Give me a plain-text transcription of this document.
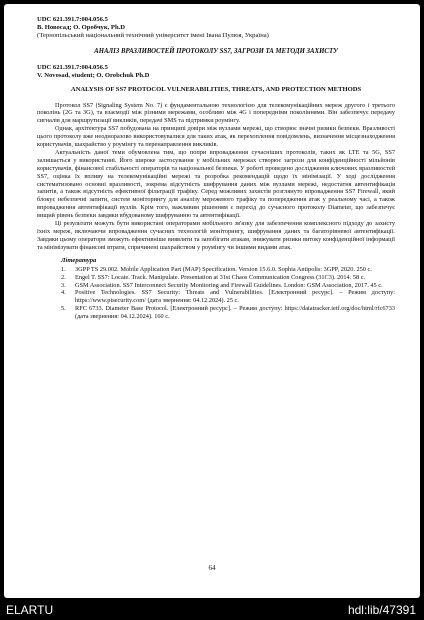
UDC 621.391.7:004.056.5
В. Новосад; О. Оробчук, Ph.D
(Тернопільський національний технічний університет імені Івана Пулюя, Україна)
АНАЛІЗ ВРАЗЛИВОСТЕЙ ПРОТОКОЛУ SS7, ЗАГРОЗИ ТА МЕТОДИ ЗАХИСТУ
UDC 621.391.7:004.056.5
V. Novosad, student; O. Orobchuk Ph.D
ANALYSIS OF SS7 PROTOCOL VULNERABILITIES, THREATS, AND PROTECTION METHODS

Протокол SS7 (Signaling System No. 7) є фундаментальною технологією для телекомунікаційних мереж другого і третього поколінь (2G та 3G), та взаємодії між різними мережами, особливо між 4G і попередніми поколіннями. Він забезпечує передачу сигналів для маршрутизації викликів, передачі SMS та підтримки роумінгу.

Однак, архітектура SS7 побудована на принципі довіри між вузлами мережі, що створює значні ризики безпеки. Вразливості цього протоколу вже неодноразово використовувалися для таких атак, як перехоплення повідомлень, визначення місцезнаходження користувачів, шахрайство у роумінгу та перенаправлення викликів.

Актуальність даної теми обумовлена тим, що попри впровадження сучасніших протоколів, таких як LTE та 5G, SS7 залишається у використанні. Його широке застосування у мобільних мережах створює загрози для конфіденційності мільйонів користувачів, фінансової стабільності операторів та національної безпеки. У роботі проведено дослідження ключових вразливостей SS7, оцінка їх впливу на телекомунікаційні мережі та розробка рекомендацій щодо їх мінімізації. У ході дослідження систематизовано основні вразливості, зокрема відсутність шифрування даних між вузлами мережі, недостатня автентифікація запитів, а також відсутність ефективної фільтрації трафіку. Серед можливих захистів розглянуто впровадження SS7 Firewall, який блокує небезпечні запити, систем моніторингу для аналізу мережевого трафіку та попередження атак у реальному часі, а також впровадження автентифікації вузлів. Крім того, важливим рішенням є перехід до сучасного протоколу Diameter, що забезпечує вищий рівень безпеки завдяки вбудованому шифруванню та автентифікації.

Ці результати можуть бути використані операторами мобільного зв'язку для забезпечення комплексного підходу до захисту їхніх мереж, включаючи впровадження сучасних технологій моніторингу, шифрування даних та багаторівневої автентифікації. Завдяки цьому оператори зможуть ефективніше виявляти та запобігати атакам, знижувати ризики витоку конфіденційної інформації та мінімізувати фінансові втрати, спричинені шахрайством у роумінгу чи іншими видами атак.

Література
1.	3GPP TS 29.002. Mobile Application Part (MAP) Specification. Version 15.6.0. Sophia Antipolis: 3GPP, 2020. 250 с.
2.	Engel T. SS7: Locate. Track. Manipulate. Presentation at 31st Chaos Communication Congress (31C3). 2014. 58 с.
3.	GSM Association. SS7 Interconnect Security Monitoring and Firewall Guidelines. London: GSM Association, 2017. 45 с.
4.	Positive Technologies. SS7 Security: Threats and Vulnerabilities. [Електронний ресурс]. – Режим доступу: https://www.ptsecurity.com/ (дата звернення: 04.12.2024). 25 с.
5.	RFC 6733. Diameter Base Protocol. [Електронний ресурс]. – Режим доступу: https://datatracker.ietf.org/doc/html/rfc6733 (дата звернення: 04.12.2024). 160 с.
64
ELARTU	hdl:lib/47391
